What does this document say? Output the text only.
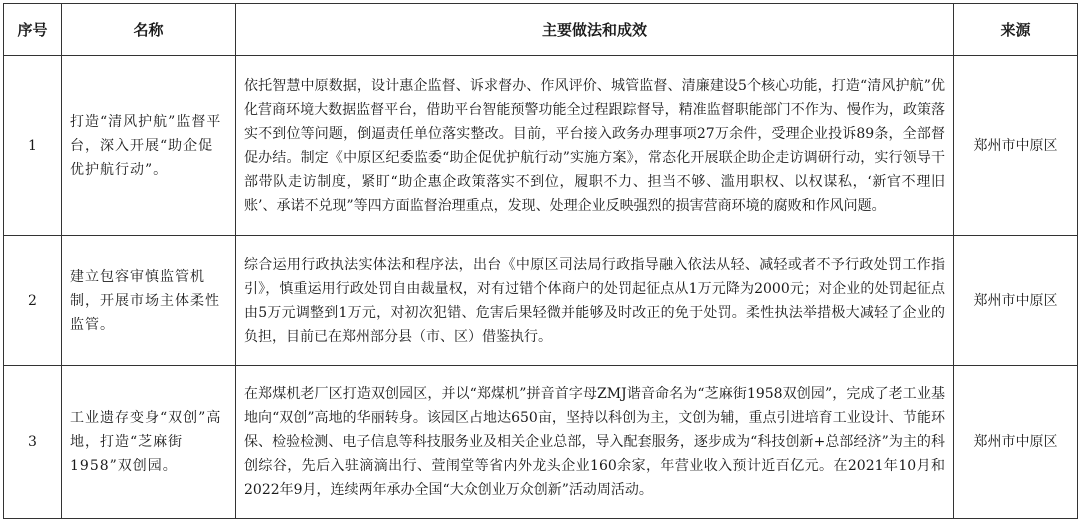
序号	名称	主要做法和成效	来源
1	打造“清风护航”监督平台，深入开展“助企促优护航行动”。	依托智慧中原数据，设计惠企监督、诉求督办、作风评价、城管监督、清廉建设5个核心功能，打造“清风护航”优化营商环境大数据监督平台，借助平台智能预警功能全过程跟踪督导，精准监督职能部门不作为、慢作为，政策落实不到位等问题，倒逼责任单位落实整改。目前，平台接入政务办理事项27万余件，受理企业投诉89条，全部督促办结。制定《中原区纪委监委“助企促优护航行动”实施方案》，常态化开展联企助企走访调研行动，实行领导干部带队走访制度，紧盯“助企惠企政策落实不到位，履职不力、担当不够、滥用职权、以权谋私，‘新官不理旧账’、承诺不兑现”等四方面监督治理重点，发现、处理企业反映强烈的损害营商环境的腐败和作风问题。	郑州市中原区
2	建立包容审慎监管机制，开展市场主体柔性监管。	综合运用行政执法实体法和程序法，出台《中原区司法局行政指导融入依法从轻、减轻或者不予行政处罚工作指引》，慎重运用行政处罚自由裁量权，对有过错个体商户的处罚起征点从1万元降为2000元；对企业的处罚起征点由5万元调整到1万元，对初次犯错、危害后果轻微并能够及时改正的免于处罚。柔性执法举措极大减轻了企业的负担，目前已在郑州部分县（市、区）借鉴执行。	郑州市中原区
3	工业遗存变身“双创”高地，打造“芝麻街1958”双创园。	在郑煤机老厂区打造双创园区，并以“郑煤机”拼音首字母ZMJ谐音命名为“芝麻街1958双创园”，完成了老工业基地向“双创”高地的华丽转身。该园区占地达650亩，坚持以科创为主，文创为辅，重点引进培育工业设计、节能环保、检验检测、电子信息等科技服务业及相关企业总部，导入配套服务，逐步成为“科技创新+总部经济”为主的科创综谷，先后入驻滴滴出行、萱闱堂等省内外龙头企业160余家，年营业收入预计近百亿元。在2021年10月和2022年9月，连续两年承办全国“大众创业万众创新”活动周活动。	郑州市中原区
